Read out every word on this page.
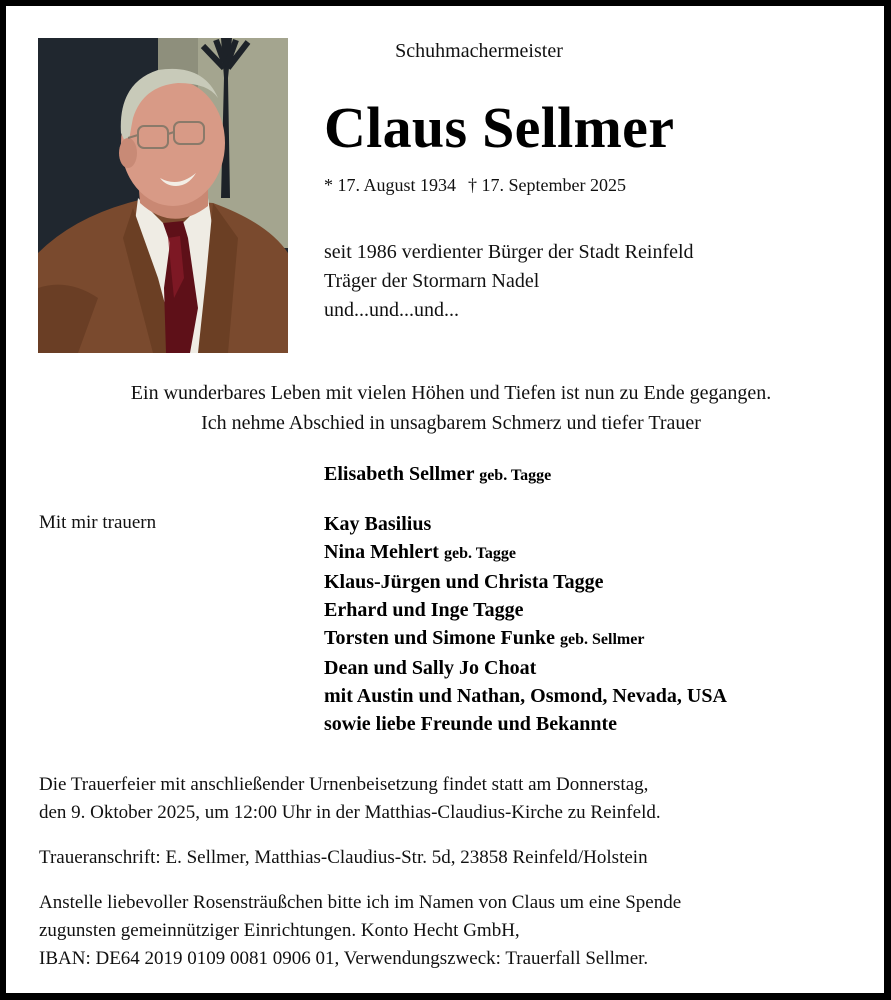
Schuhmachermeister
Claus Sellmer
* 17. August 1934 † 17. September 2025
seit 1986 verdienter Bürger der Stadt Reinfeld
Träger der Stormarn Nadel
und...und...und...
Ein wunderbares Leben mit vielen Höhen und Tiefen ist nun zu Ende gegangen.
Ich nehme Abschied in unsagbarem Schmerz und tiefer Trauer
Elisabeth Sellmer geb. Tagge
Mit mir trauern	Kay Basilius
Nina Mehlert geb. Tagge
Klaus-Jürgen und Christa Tagge
Erhard und Inge Tagge
Torsten und Simone Funke geb. Sellmer
Dean und Sally Jo Choat
mit Austin und Nathan, Osmond, Nevada, USA
sowie liebe Freunde und Bekannte
Die Trauerfeier mit anschließender Urnenbeisetzung findet statt am Donnerstag,
den 9. Oktober 2025, um 12:00 Uhr in der Matthias-Claudius-Kirche zu Reinfeld.
Traueranschrift: E. Sellmer, Matthias-Claudius-Str. 5d, 23858 Reinfeld/Holstein
Anstelle liebevoller Rosensträußchen bitte ich im Namen von Claus um eine Spende
zugunsten gemeinnütziger Einrichtungen. Konto Hecht GmbH,
IBAN: DE64 2019 0109 0081 0906 01, Verwendungszweck: Trauerfall Sellmer.
